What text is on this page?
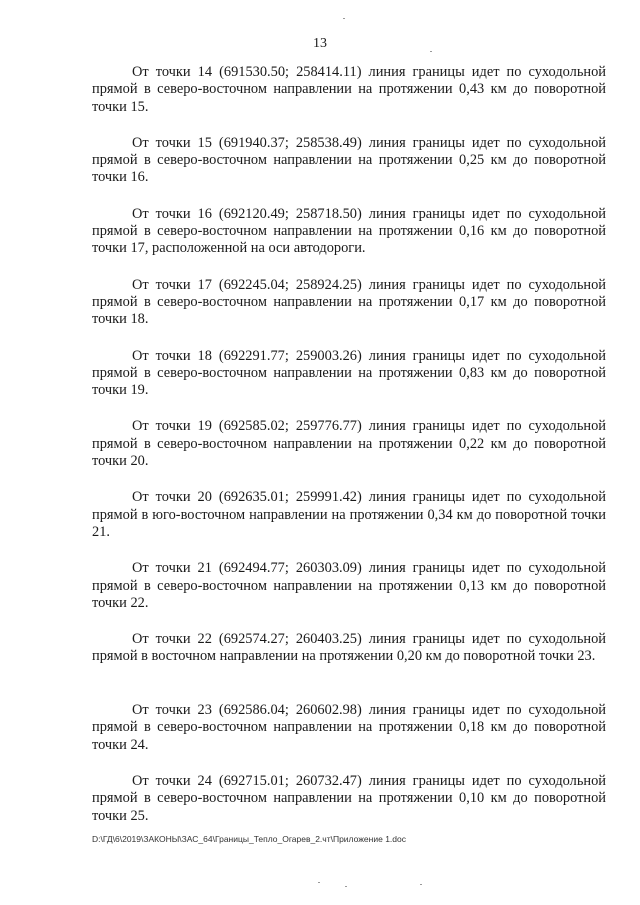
13

От точки 14 (691530.50; 258414.11) линия границы идет по суходольной прямой в северо-восточном направлении на протяжении 0,43 км до поворотной точки 15.

От точки 15 (691940.37; 258538.49) линия границы идет по суходольной прямой в северо-восточном направлении на протяжении 0,25 км до поворотной точки 16.

От точки 16 (692120.49; 258718.50) линия границы идет по суходольной прямой в северо-восточном направлении на протяжении 0,16 км до поворотной точки 17, расположенной на оси автодороги.

От точки 17 (692245.04; 258924.25) линия границы идет по суходольной прямой в северо-восточном направлении на протяжении 0,17 км до поворотной точки 18.

От точки 18 (692291.77; 259003.26) линия границы идет по суходольной прямой в северо-восточном направлении на протяжении 0,83 км до поворотной точки 19.

От точки 19 (692585.02; 259776.77) линия границы идет по суходольной прямой в северо-восточном направлении на протяжении 0,22 км до поворотной точки 20.

От точки 20 (692635.01; 259991.42) линия границы идет по суходольной прямой в юго-восточном направлении на протяжении 0,34 км до поворотной точки 21.

От точки 21 (692494.77; 260303.09) линия границы идет по суходольной прямой в северо-восточном направлении на протяжении 0,13 км до поворотной точки 22.

От точки 22 (692574.27; 260403.25) линия границы идет по суходольной прямой в восточном направлении на протяжении 0,20 км до поворотной точки 23.

От точки 23 (692586.04; 260602.98) линия границы идет по суходольной прямой в северо-восточном направлении на протяжении 0,18 км до поворотной точки 24.

От точки 24 (692715.01; 260732.47) линия границы идет по суходольной прямой в северо-восточном направлении на протяжении 0,10 км до поворотной точки 25.

D:\ГД\6\2019\ЗАКОНЫ\ЗАС_64\Границы_Тепло_Огарев_2.чт\Приложение 1.doc
